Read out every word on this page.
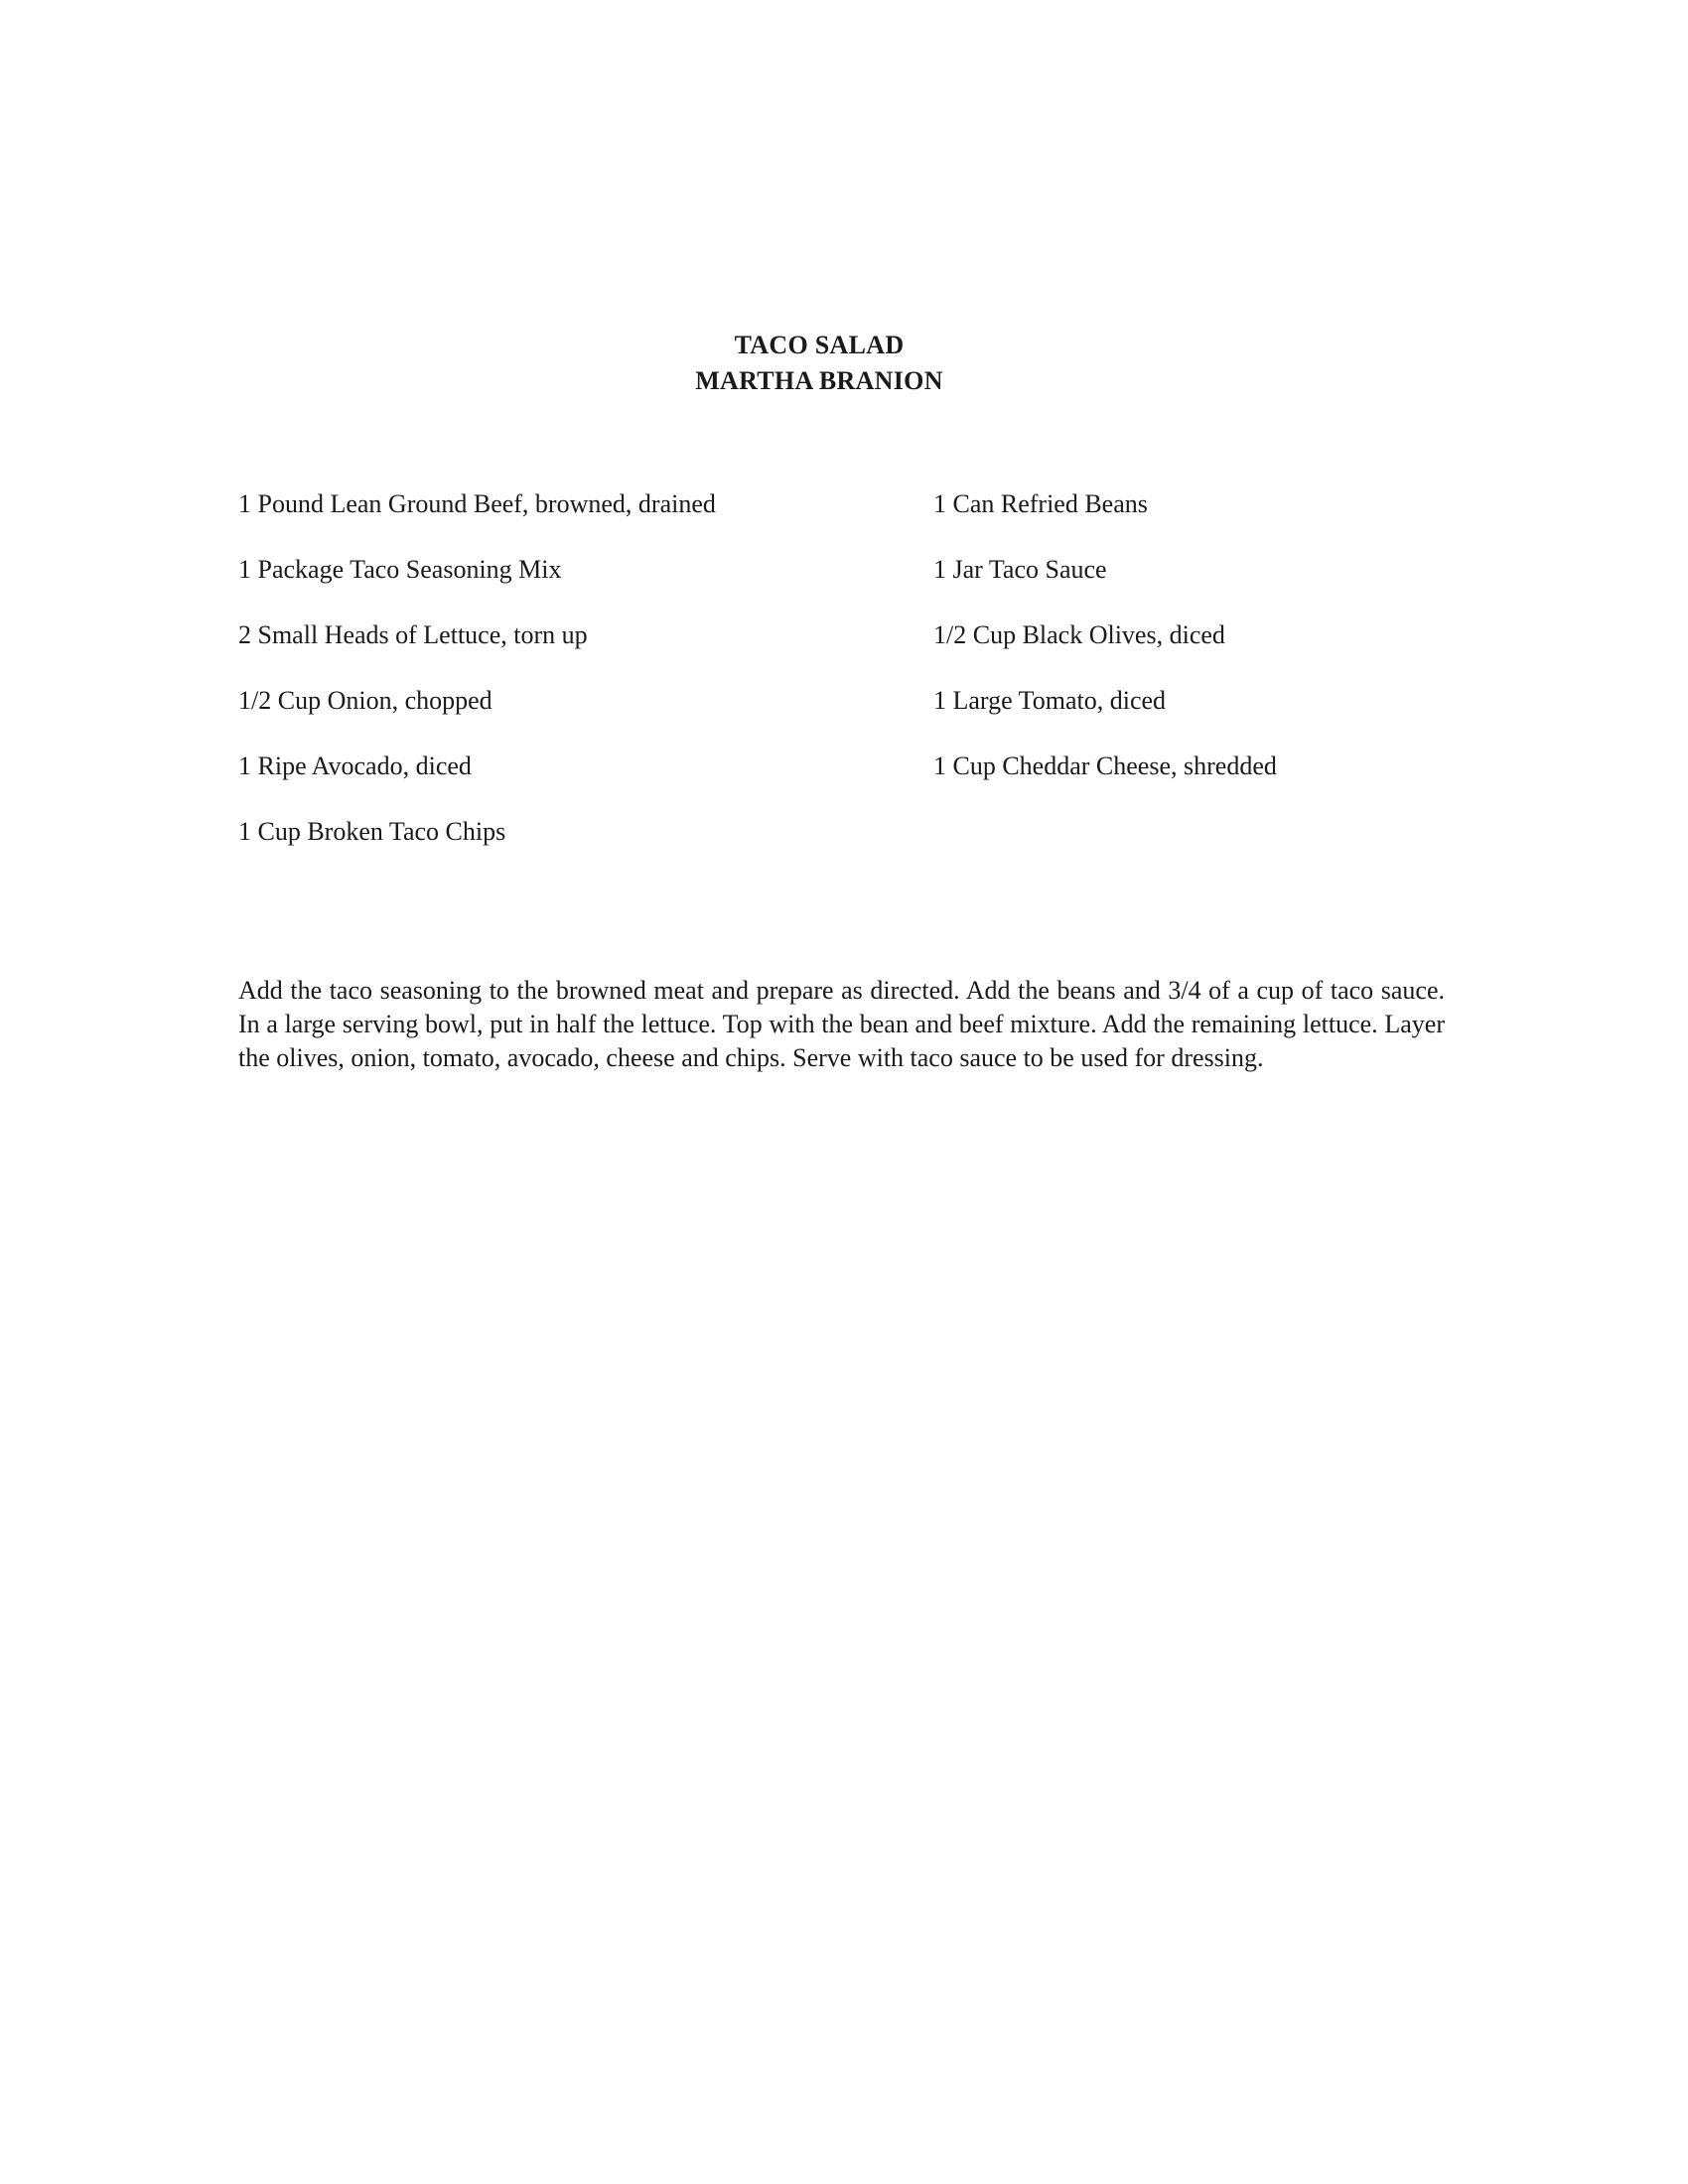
TACO SALAD
MARTHA BRANION
1 Pound Lean Ground Beef, browned, drained
1 Package Taco Seasoning Mix
2 Small Heads of Lettuce, torn up
1/2 Cup Onion, chopped
1 Ripe Avocado, diced
1 Cup Broken Taco Chips
1 Can Refried Beans
1 Jar Taco Sauce
1/2 Cup Black Olives, diced
1 Large Tomato, diced
1 Cup Cheddar Cheese, shredded

Add the taco seasoning to the browned meat and prepare as directed. Add the beans and 3/4 of a cup of taco sauce. In a large serving bowl, put in half the lettuce. Top with the bean and beef mixture. Add the remaining lettuce. Layer the olives, onion, tomato, avocado, cheese and chips. Serve with taco sauce to be used for dressing.
